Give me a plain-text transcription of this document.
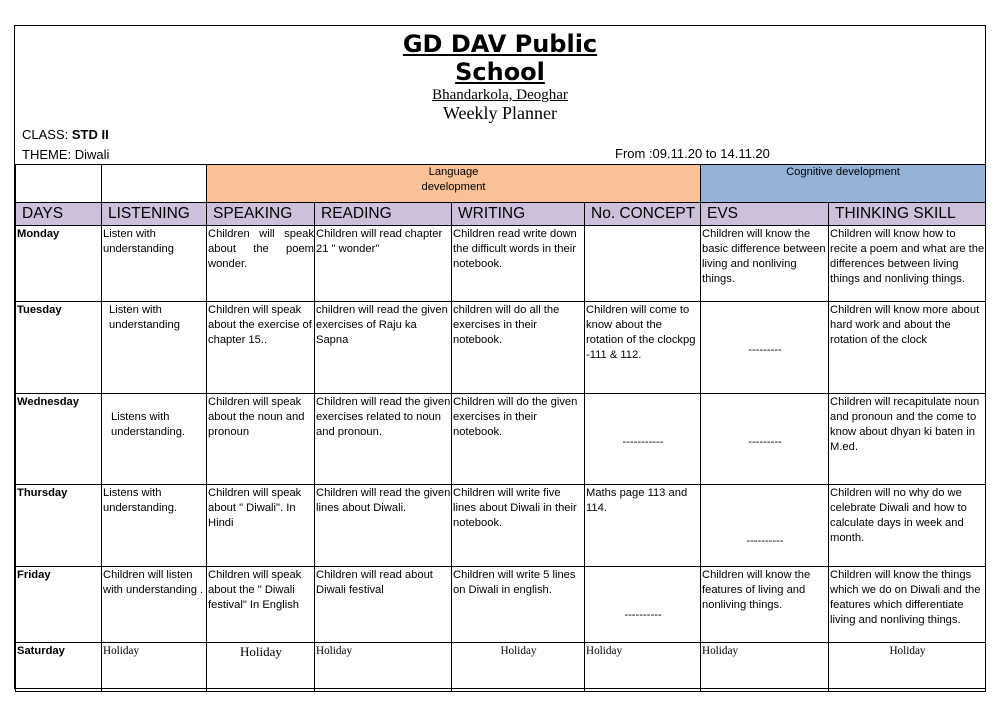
GD DAV Public
School
Bhandarkola, Deoghar
Weekly Planner
CLASS: STD II
THEME: Diwali	From :09.11.20 to 14.11.20
		Language development				Cognitive development	
DAYS	LISTENING	SPEAKING	READING	WRITING	No. CONCEPT	EVS	THINKING SKILL
Monday	Listen with understanding	Children will speak about the poem wonder.	Children will read chapter 21 " wonder"	Children read write down the difficult words in their notebook.		Children will know the basic difference between living and nonliving things.	Children will know how to recite a poem and what are the differences between living things and nonliving things.
Tuesday	Listen with understanding	Children will speak about the exercise of chapter 15..	children will read the given exercises of Raju ka Sapna	children will do all the exercises in their notebook.	Children will come to know about the rotation of the clockpg -111 & 112.	---------	Children will know more about hard work and about the rotation of the clock
Wednesday	Listens with understanding.	Children will speak about the noun and pronoun	Children will read the given exercises related to noun and pronoun.	Children will do the given exercises in their notebook.	-----------	---------	Children will recapitulate noun and pronoun and the come to know about dhyan ki baten in M.ed.
Thursday	Listens with understanding.	Children will speak about " Diwali". In Hindi	Children will read the given lines about Diwali.	Children will write five lines about Diwali in their notebook.	Maths page 113 and 114.	----------	Children will no why do we celebrate Diwali and how to calculate days in week and month.
Friday	Children will listen with understanding .	Children will speak about the " Diwali festival" In English	Children will read about Diwali festival	Children will write 5 lines on Diwali in english.	----------	Children will know the features of living and nonliving things.	Children will know the things which we do on Diwali and the features which differentiate living and nonliving things.
Saturday	Holiday	Holiday	Holiday	Holiday	Holiday	Holiday	Holiday
